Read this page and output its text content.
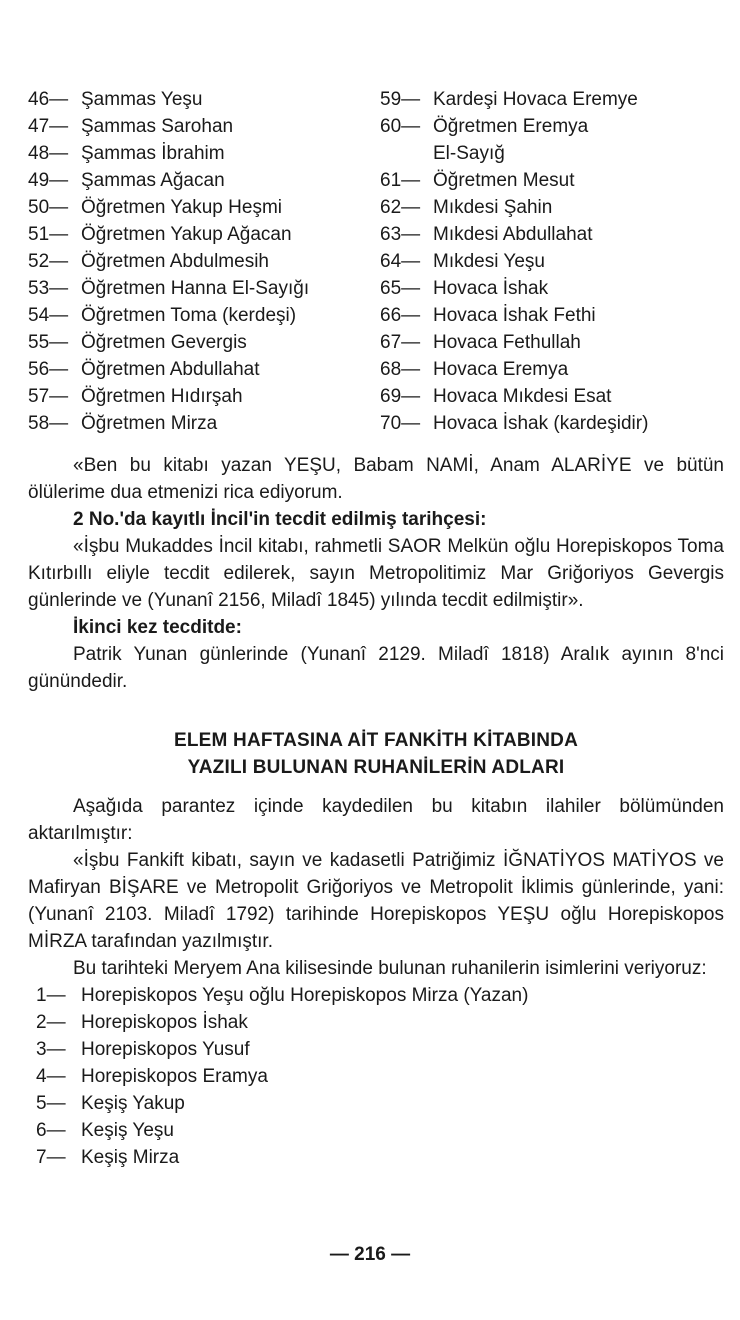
46— Şammas Yeşu
47— Şammas Sarohan
48— Şammas İbrahim
49— Şammas Ağacan
50— Öğretmen Yakup Heşmi
51— Öğretmen Yakup Ağacan
52— Öğretmen Abdulmesih
53— Öğretmen Hanna El-Sayığı
54— Öğretmen Toma (kerdeşi)
55— Öğretmen Gevergis
56— Öğretmen Abdullahat
57— Öğretmen Hıdırşah
58— Öğretmen Mirza
59— Kardeşi Hovaca Eremye
60— Öğretmen Eremya
El-Sayığ
61— Öğretmen Mesut
62— Mıkdesi Şahin
63— Mıkdesi Abdullahat
64— Mıkdesi Yeşu
65— Hovaca İshak
66— Hovaca İshak Fethi
67— Hovaca Fethullah
68— Hovaca Eremya
69— Hovaca Mıkdesi Esat
70— Hovaca İshak (kardeşidir)

«Ben bu kitabı yazan YEŞU, Babam NAMİ, Anam ALARİYE ve bütün ölülerime dua etmenizi rica ediyorum.

2 No.'da kayıtlı İncil'in tecdit edilmiş tarihçesi:

«İşbu Mukaddes İncil kitabı, rahmetli SAOR Melkün oğlu Horepiskopos Toma Kıtırbıllı eliyle tecdit edilerek, sayın Metropolitimiz Mar Griğoriyos Gevergis günlerinde ve (Yunanî 2156, Miladî 1845) yılında tecdit edilmiştir».

İkinci kez tecditde:

Patrik Yunan günlerinde (Yunanî 2129. Miladî 1818) Aralık ayının 8'nci günündedir.

ELEM HAFTASINA AİT FANKİTH KİTABINDA
YAZILI BULUNAN RUHANİLERİN ADLARI

Aşağıda parantez içinde kaydedilen bu kitabın ilahiler bölümünden aktarılmıştır:

«İşbu Fankift kibatı, sayın ve kadasetli Patriğimiz İĞNATİYOS MATİYOS ve Mafiryan BİŞARE ve Metropolit Griğoriyos ve Metropolit İklimis günlerinde, yani: (Yunanî 2103. Miladî 1792) tarihinde Horepiskopos YEŞU oğlu Horepiskopos MİRZA tarafından yazılmıştır.

Bu tarihteki Meryem Ana kilisesinde bulunan ruhanilerin isimlerini veriyoruz:

1— Horepiskopos Yeşu oğlu Horepiskopos Mirza (Yazan)
2— Horepiskopos İshak
3— Horepiskopos Yusuf
4— Horepiskopos Eramya
5— Keşiş Yakup
6— Keşiş Yeşu
7— Keşiş Mirza
— 216 —
